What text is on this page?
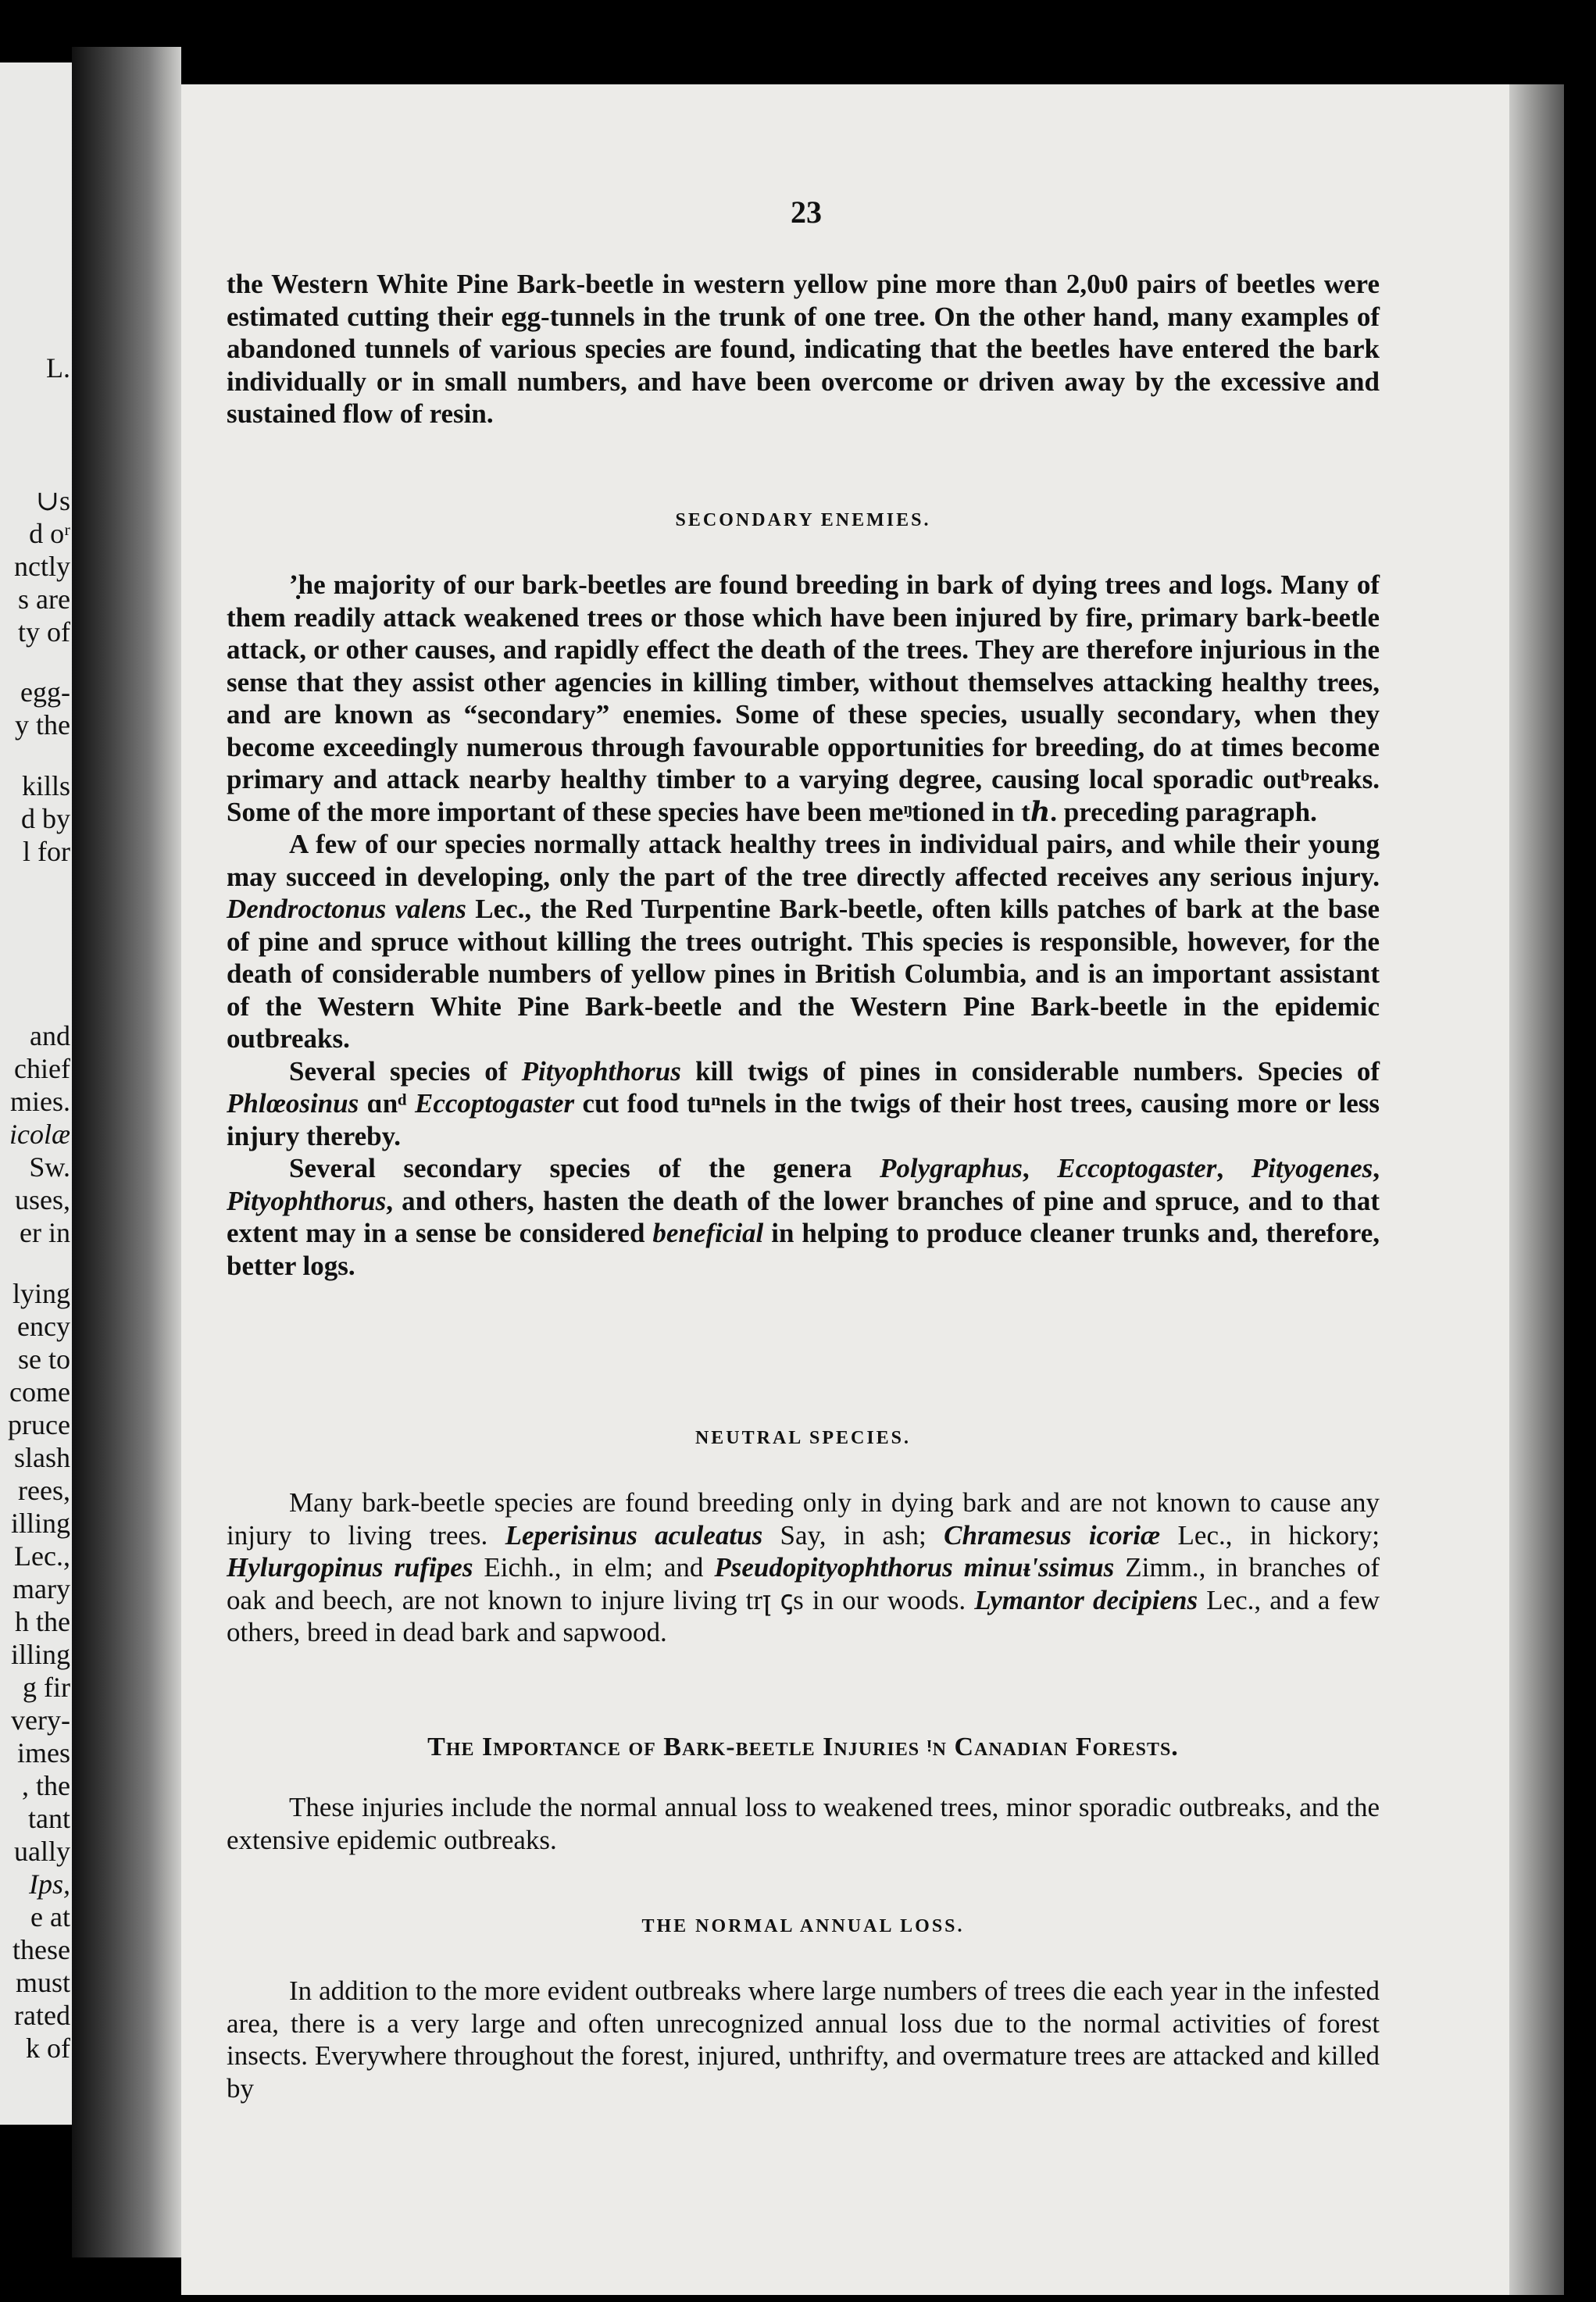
L.
∪s
d oʳ
nctly
s are
ty of
egg-
y the
kills
d by
l for
and
chief
mies.
icolæ
Sw.
uses,
er in
lying
ency
se to
come
pruce
slash
rees,
illing
Lec.,
mary
h the
illing
g fir
very-
imes
, the
tant
ually
Ips,
e at
these
must
rated
k of
23

the Western White Pine Bark-beetle in western yellow pine more than 2,0υ0 pairs of beetles were estimated cutting their egg-tunnels in the trunk of one tree. On the other hand, many examples of abandoned tunnels of various species are found, indicating that the beetles have entered the bark individually or in small numbers, and have been overcome or driven away by the excessive and sustained flow of resin.

SECONDARY ENEMIES.

ʼ̣he majority of our bark-beetles are found breeding in bark of dying trees and logs. Many of them readily attack weakened trees or those which have been injured by fire, primary bark-beetle attack, or other causes, and rapidly effect the death of the trees. They are therefore injurious in the sense that they assist other agencies in killing timber, without themselves attacking healthy trees, and are known as “secondary” enemies. Some of these species, usually secondary, when they become exceedingly numerous through favourable opportunities for breeding, do at times become primary and attack nearby healthy timber to a varying degree, causing local sporadic outᵇreaks. Some of the more important of these species have been meᵑtioned in tℎ. preceding paragraph.

A few of our species normally attack healthy trees in individual pairs, and while their young may succeed in developing, only the part of the tree directly affected receives any serious injury. Dendroctonus valens Lec., the Red Turpentine Bark-beetle, often kills patches of bark at the base of pine and spruce without killing the trees outright. This species is responsible, however, for the death of considerable numbers of yellow pines in British Columbia, and is an important assistant of the Western White Pine Bark-beetle and the Western Pine Bark-beetle in the epidemic outbreaks.

Several species of Pityophthorus kill twigs of pines in considerable numbers. Species of Phlœosinus ɑnᵈ Eccoptogaster cut food tuⁿnels in the twigs of their host trees, causing more or less injury thereby.

Several secondary species of the genera Polygraphus, Eccoptogaster, Pityogenes, Pityophthorus, and others, hasten the death of the lower branches of pine and spruce, and to that extent may in a sense be considered beneficial in helping to produce cleaner trunks and, therefore, better logs.

NEUTRAL SPECIES.

Many bark-beetle species are found breeding only in dying bark and are not known to cause any injury to living trees. Leperisinus aculeatus Say, in ash; Chramesus icoriæ Lec., in hickory; Hylurgopinus rufipes Eichh., in elm; and Pseudopityophthorus minuᵼ'ssimus Zimm., in branches of oak and beech, are not known to injure living trꞁ ꞔs in our woods. Lymantor decipiens Lec., and a few others, breed in dead bark and sapwood.

The Importance of Bark-beetle Injuries ᵎn Canadian Forests.

These injuries include the normal annual loss to weakened trees, minor sporadic outbreaks, and the extensive epidemic outbreaks.

THE NORMAL ANNUAL LOSS.

In addition to the more evident outbreaks where large numbers of trees die each year in the infested area, there is a very large and often unrecognized annual loss due to the normal activities of forest insects. Everywhere throughout the forest, injured, unthrifty, and overmature trees are attacked and killed by
